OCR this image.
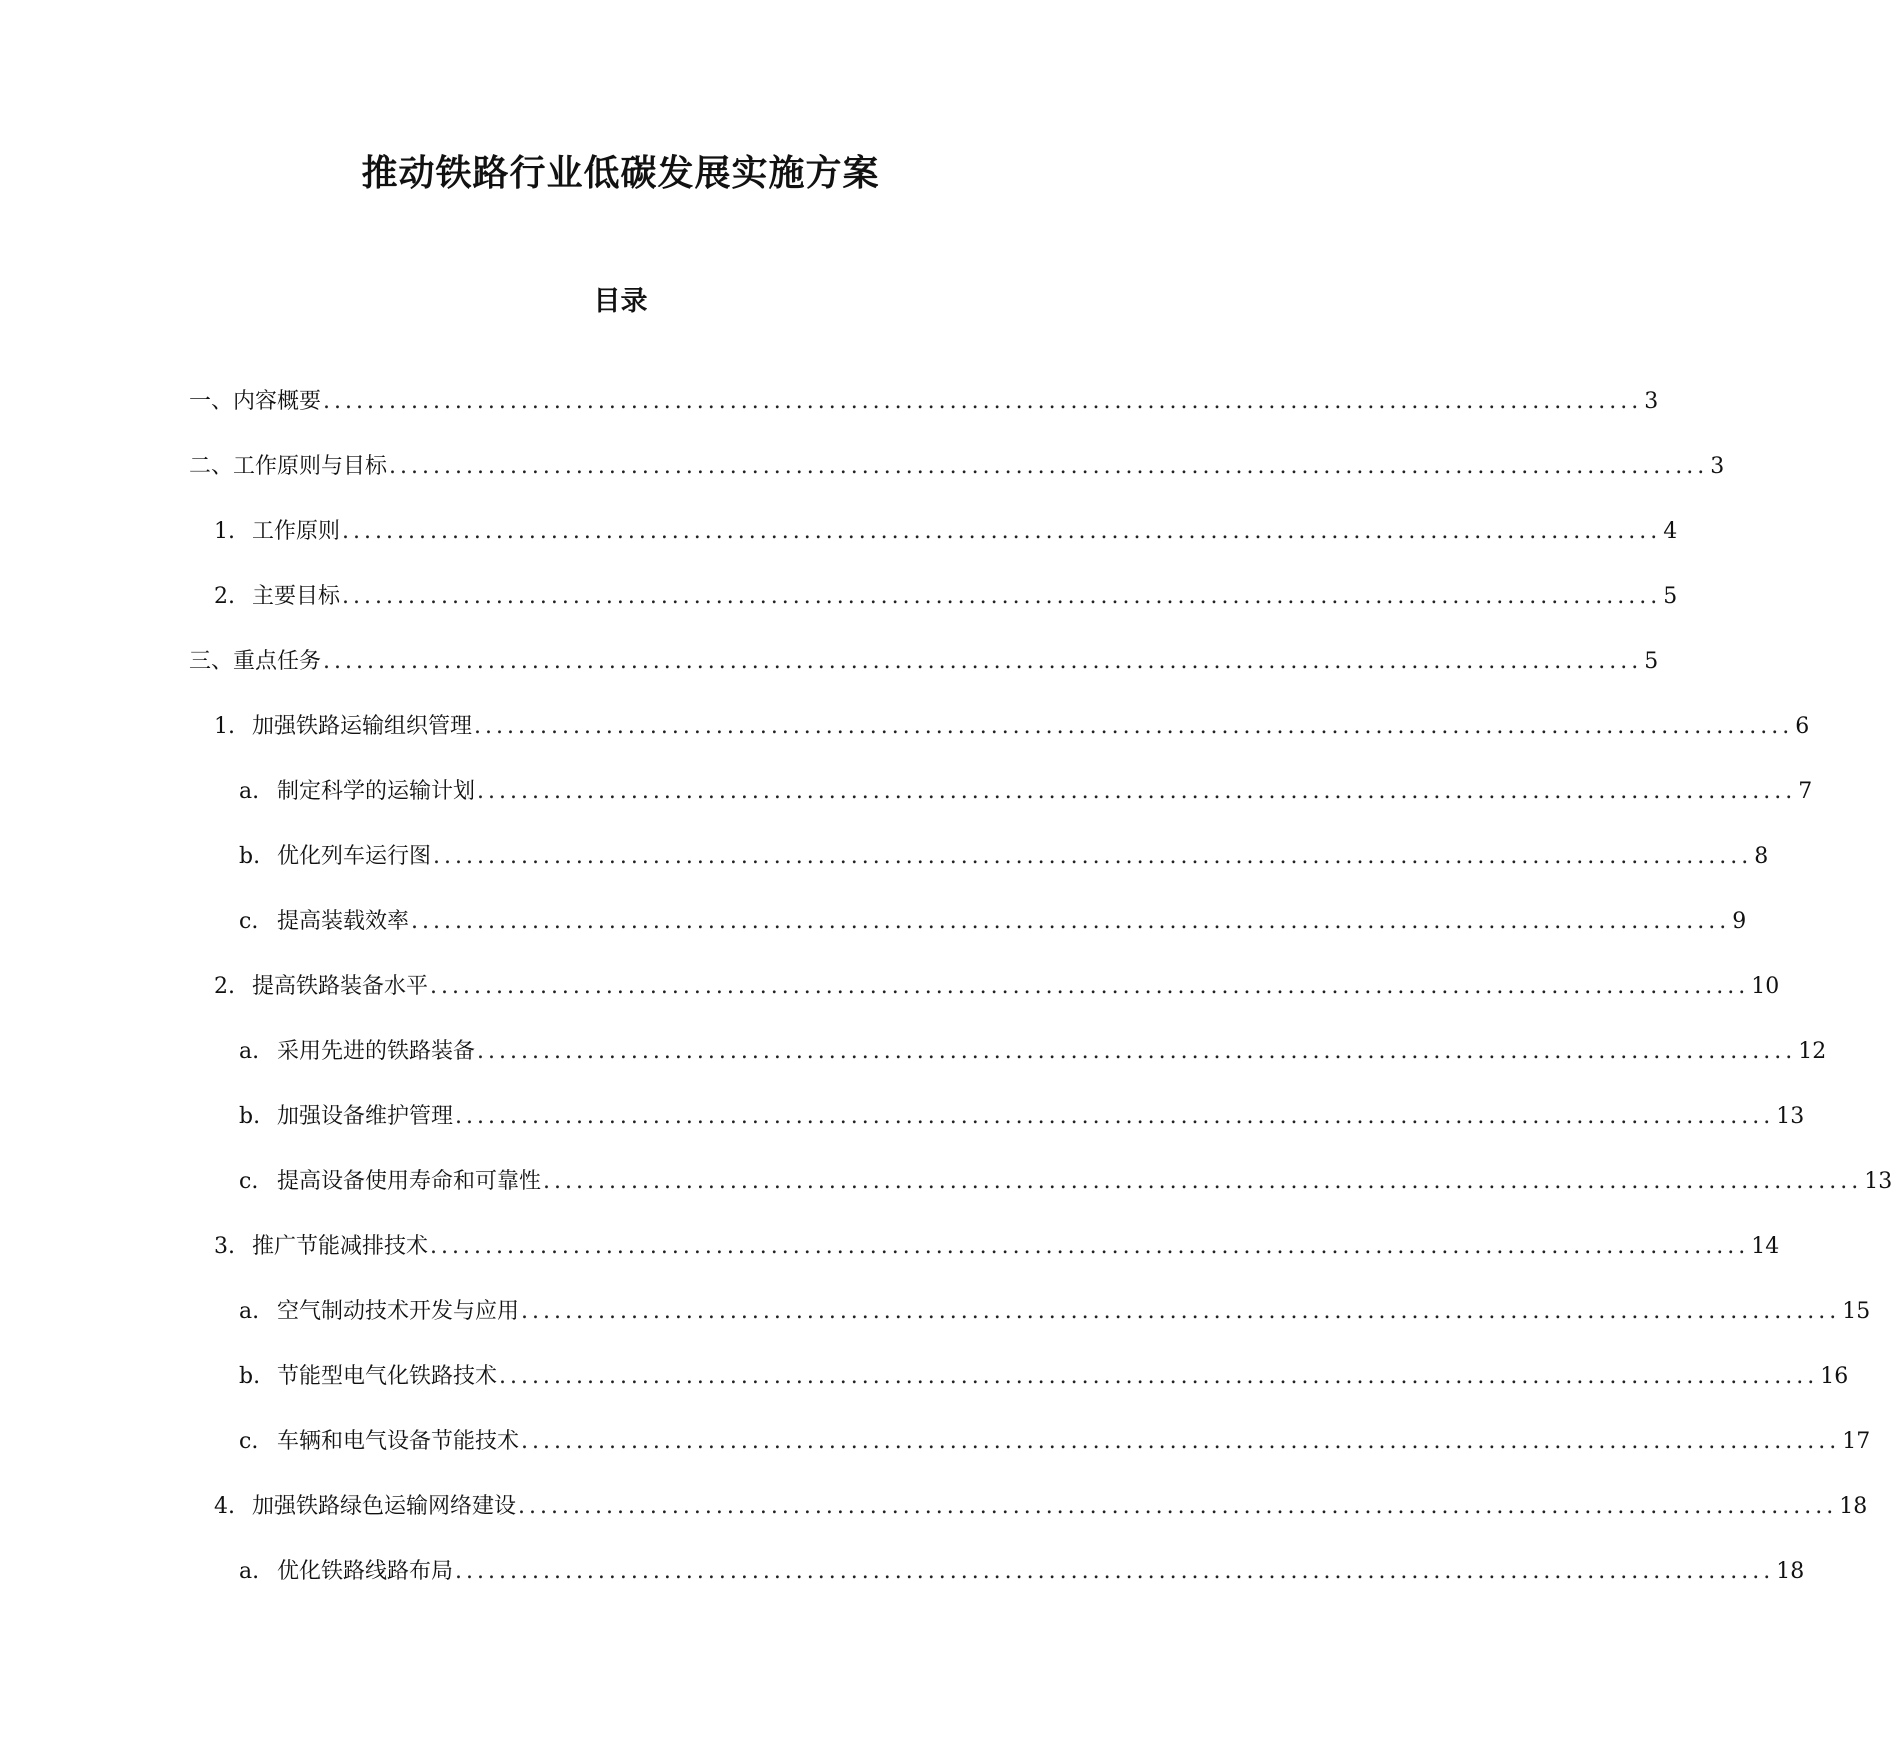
推动铁路行业低碳发展实施方案
目录
一、内容概要 ........................................................................................................................ 3
二、工作原则与目标 ........................................................................................................................ 3
1. 工作原则 ........................................................................................................................ 4
2. 主要目标 ........................................................................................................................ 5
三、重点任务 ........................................................................................................................ 5
1. 加强铁路运输组织管理 ........................................................................................................................ 6
a. 制定科学的运输计划 ........................................................................................................................ 7
b. 优化列车运行图 ........................................................................................................................ 8
c. 提高装载效率 ........................................................................................................................ 9
2. 提高铁路装备水平 ........................................................................................................................ 10
a. 采用先进的铁路装备 ........................................................................................................................ 12
b. 加强设备维护管理 ........................................................................................................................ 13
c. 提高设备使用寿命和可靠性 ........................................................................................................................ 13
3. 推广节能减排技术 ........................................................................................................................ 14
a. 空气制动技术开发与应用 ........................................................................................................................ 15
b. 节能型电气化铁路技术 ........................................................................................................................ 16
c. 车辆和电气设备节能技术 ........................................................................................................................ 17
4. 加强铁路绿色运输网络建设 ........................................................................................................................ 18
a. 优化铁路线路布局 ........................................................................................................................ 18
